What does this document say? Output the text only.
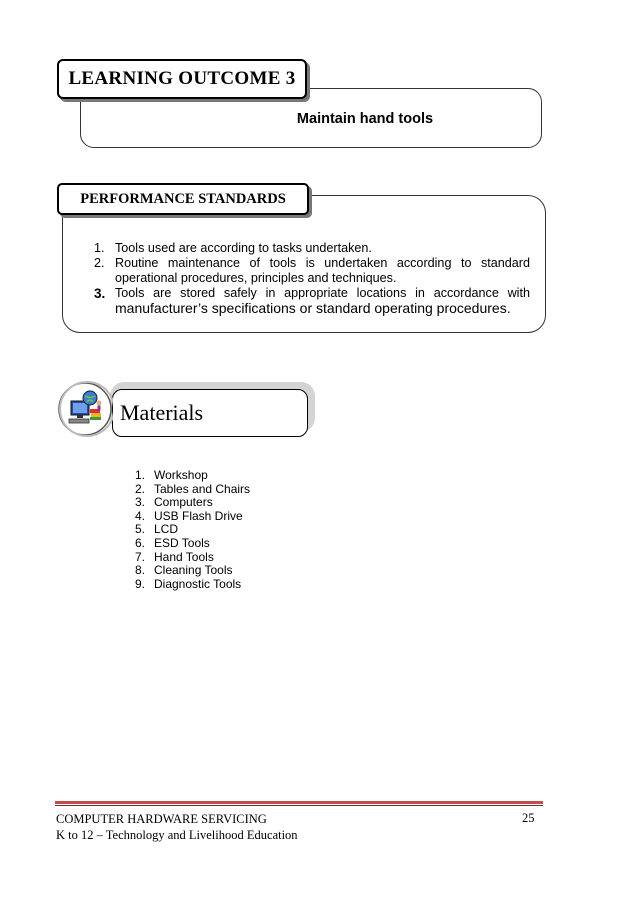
LEARNING OUTCOME 3
Maintain hand tools
PERFORMANCE STANDARDS
1. Tools used are according to tasks undertaken.
2. Routine maintenance of tools is undertaken according to standard operational procedures, principles and techniques.
3. Tools are stored safely in appropriate locations in accordance with
manufacturer’s specifications or standard operating procedures.
Materials
1. Workshop
2. Tables and Chairs
3. Computers
4. USB Flash Drive
5. LCD
6. ESD Tools
7. Hand Tools
8. Cleaning Tools
9. Diagnostic Tools
COMPUTER HARDWARE SERVICING
K to 12 – Technology and Livelihood Education
25
